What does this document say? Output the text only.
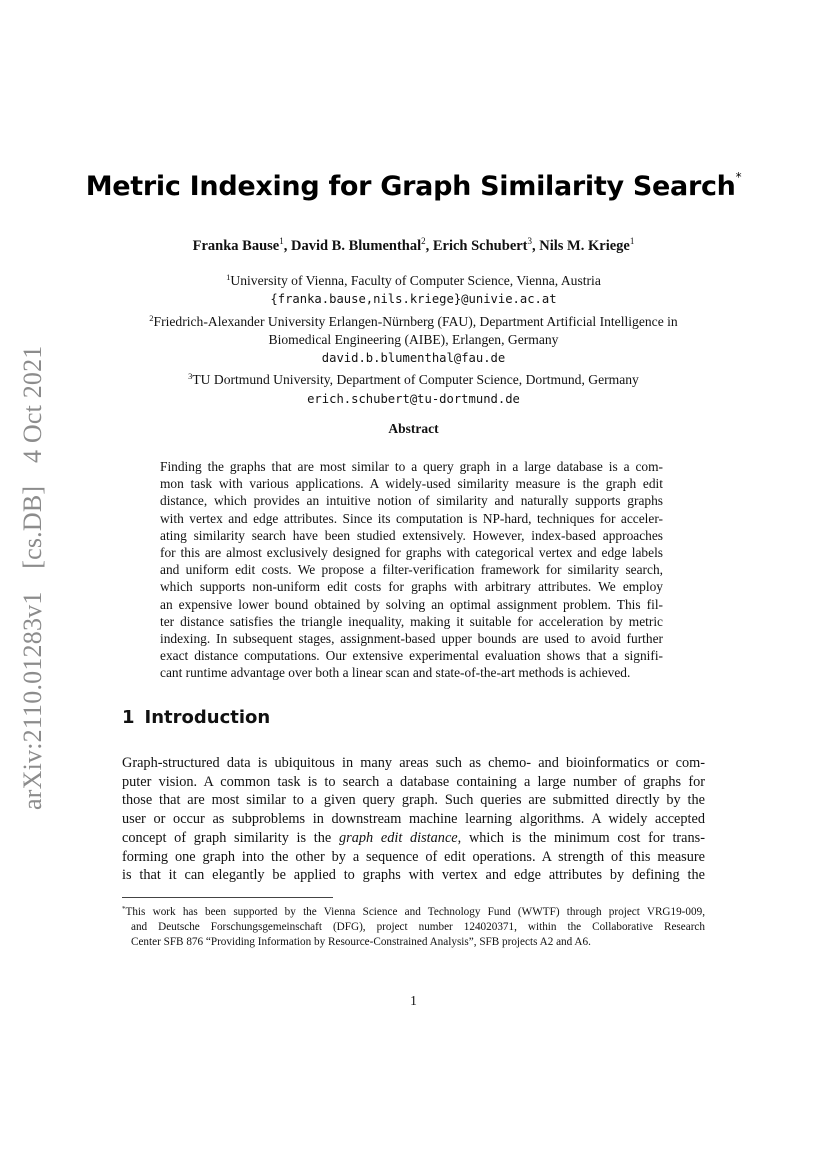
arXiv:2110.01283v1 [cs.DB] 4 Oct 2021
Metric Indexing for Graph Similarity Search*
Franka Bause$^1$, David B. Blumenthal$^2$, Erich Schubert$^3$, Nils M. Kriege$^1$
$^1$University of Vienna, Faculty of Computer Science, Vienna, Austria
{franka.bause,nils.kriege}@univie.ac.at
$^2$Friedrich-Alexander University Erlangen-Nürnberg (FAU), Department Artificial Intelligence in
Biomedical Engineering (AIBE), Erlangen, Germany
david.b.blumenthal@fau.de
$^3$TU Dortmund University, Department of Computer Science, Dortmund, Germany
erich.schubert@tu-dortmund.de
Abstract
Finding the graphs that are most similar to a query graph in a large database is a com-
mon task with various applications. A widely-used similarity measure is the graph edit
distance, which provides an intuitive notion of similarity and naturally supports graphs
with vertex and edge attributes. Since its computation is NP-hard, techniques for acceler-
ating similarity search have been studied extensively. However, index-based approaches
for this are almost exclusively designed for graphs with categorical vertex and edge labels
and uniform edit costs. We propose a filter-verification framework for similarity search,
which supports non-uniform edit costs for graphs with arbitrary attributes. We employ
an expensive lower bound obtained by solving an optimal assignment problem. This fil-
ter distance satisfies the triangle inequality, making it suitable for acceleration by metric
indexing. In subsequent stages, assignment-based upper bounds are used to avoid further
exact distance computations. Our extensive experimental evaluation shows that a signifi-
cant runtime advantage over both a linear scan and state-of-the-art methods is achieved.
1 Introduction
Graph-structured data is ubiquitous in many areas such as chemo- and bioinformatics or com-
puter vision. A common task is to search a database containing a large number of graphs for
those that are most similar to a given query graph. Such queries are submitted directly by the
user or occur as subproblems in downstream machine learning algorithms. A widely accepted
concept of graph similarity is the graph edit distance, which is the minimum cost for trans-
forming one graph into the other by a sequence of edit operations. A strength of this measure
is that it can elegantly be applied to graphs with vertex and edge attributes by defining the
*This work has been supported by the Vienna Science and Technology Fund (WWTF) through project VRG19-009,
and Deutsche Forschungsgemeinschaft (DFG), project number 124020371, within the Collaborative Research
Center SFB 876 “Providing Information by Resource-Constrained Analysis”, SFB projects A2 and A6.
1
